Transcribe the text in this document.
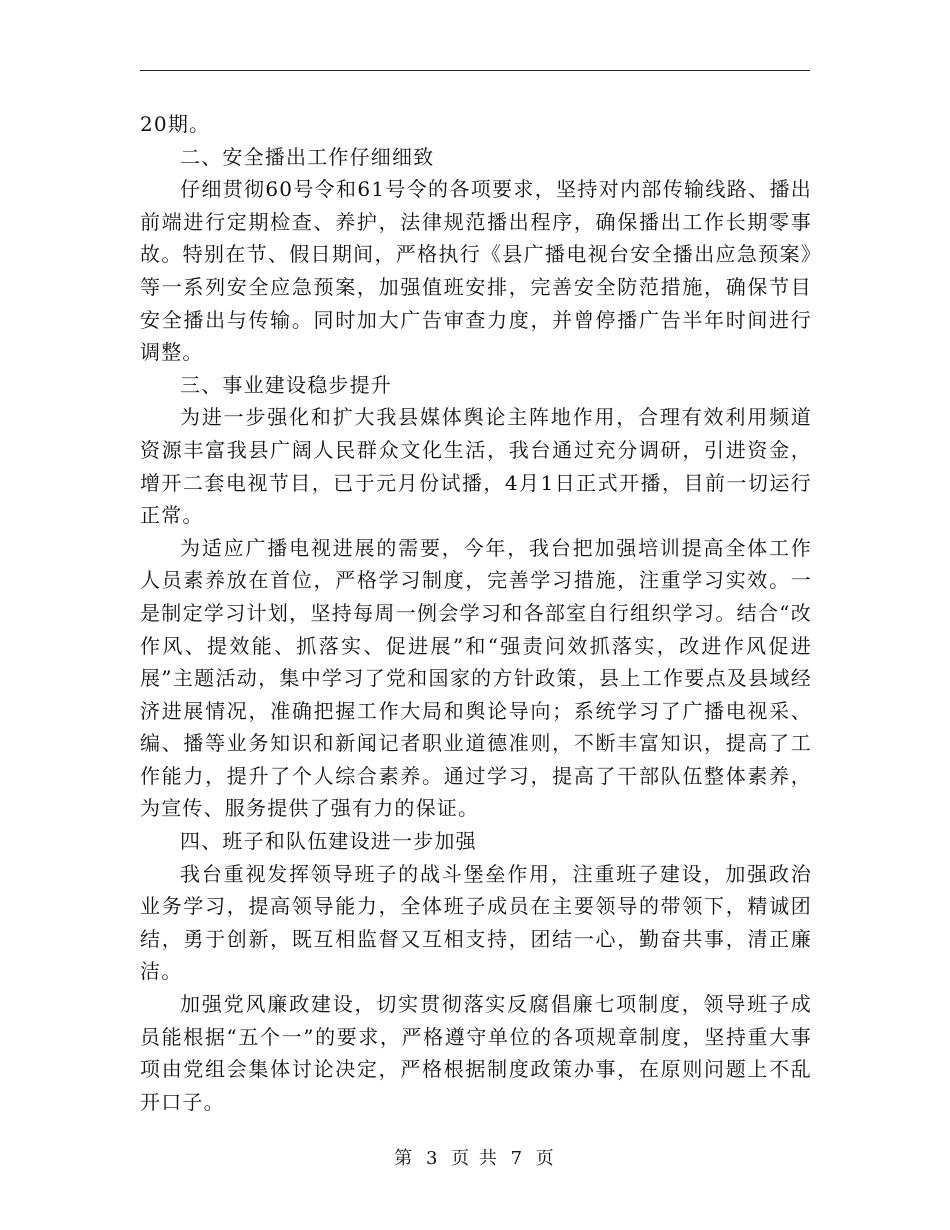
20期。

二、安全播出工作仔细细致

仔细贯彻60号令和61号令的各项要求，坚持对内部传输线路、播出前端进行定期检查、养护，法律规范播出程序，确保播出工作长期零事故。特别在节、假日期间，严格执行《县广播电视台安全播出应急预案》等一系列安全应急预案，加强值班安排，完善安全防范措施，确保节目安全播出与传输。同时加大广告审查力度，并曾停播广告半年时间进行调整。

三、事业建设稳步提升

为进一步强化和扩大我县媒体舆论主阵地作用，合理有效利用频道资源丰富我县广阔人民群众文化生活，我台通过充分调研，引进资金，增开二套电视节目，已于元月份试播，4月1日正式开播，目前一切运行正常。

为适应广播电视进展的需要，今年，我台把加强培训提高全体工作人员素养放在首位，严格学习制度，完善学习措施，注重学习实效。一是制定学习计划，坚持每周一例会学习和各部室自行组织学习。结合“改作风、提效能、抓落实、促进展”和“强责问效抓落实，改进作风促进展”主题活动，集中学习了党和国家的方针政策，县上工作要点及县域经济进展情况，准确把握工作大局和舆论导向；系统学习了广播电视采、编、播等业务知识和新闻记者职业道德准则，不断丰富知识，提高了工作能力，提升了个人综合素养。通过学习，提高了干部队伍整体素养，为宣传、服务提供了强有力的保证。

四、班子和队伍建设进一步加强

我台重视发挥领导班子的战斗堡垒作用，注重班子建设，加强政治业务学习，提高领导能力，全体班子成员在主要领导的带领下，精诚团结，勇于创新，既互相监督又互相支持，团结一心，勤奋共事，清正廉洁。

加强党风廉政建设，切实贯彻落实反腐倡廉七项制度，领导班子成员能根据“五个一”的要求，严格遵守单位的各项规章制度，坚持重大事项由党组会集体讨论决定，严格根据制度政策办事，在原则问题上不乱开口子。

第 3 页 共 7 页
